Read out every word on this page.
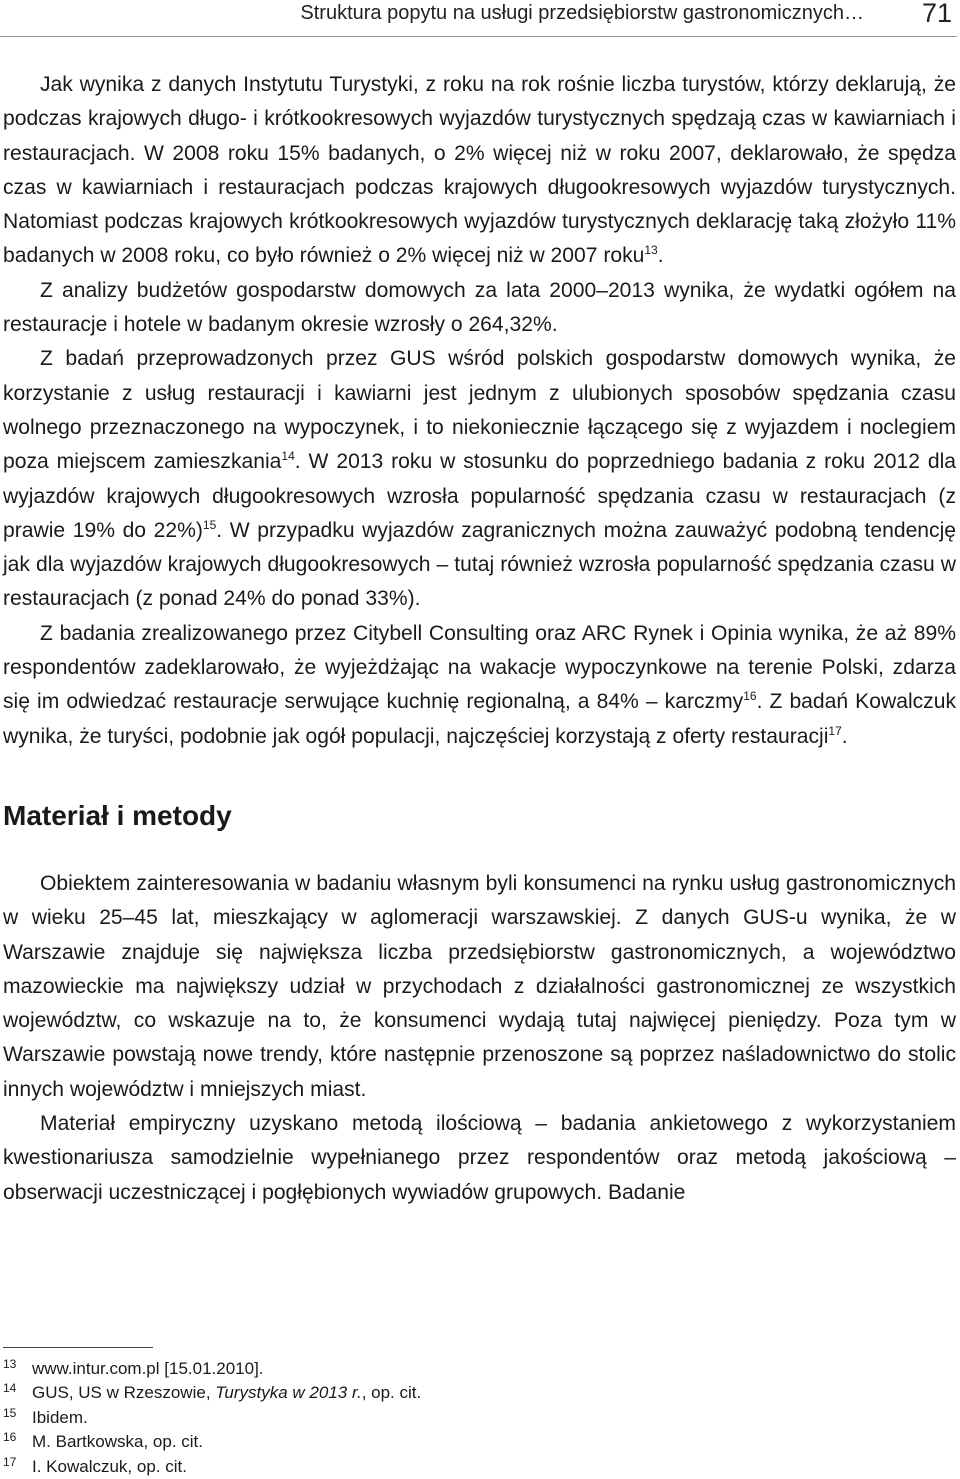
Struktura popytu na usługi przedsiębiorstw gastronomicznych… 71

Jak wynika z danych Instytutu Turystyki, z roku na rok rośnie liczba turystów, którzy deklarują, że podczas krajowych długo- i krótkookresowych wyjazdów turystycznych spędzają czas w kawiarniach i restauracjach. W 2008 roku 15% badanych, o 2% więcej niż w roku 2007, deklarowało, że spędza czas w kawiarniach i restauracjach podczas krajowych długookresowych wyjazdów turystycznych. Natomiast podczas krajowych krótkookresowych wyjazdów turystycznych deklarację taką złożyło 11% badanych w 2008 roku, co było również o 2% więcej niż w 2007 roku$^{13}$.

Z analizy budżetów gospodarstw domowych za lata 2000–2013 wynika, że wydatki ogółem na restauracje i hotele w badanym okresie wzrosły o 264,32%.

Z badań przeprowadzonych przez GUS wśród polskich gospodarstw domowych wynika, że korzystanie z usług restauracji i kawiarni jest jednym z ulubionych sposobów spędzania czasu wolnego przeznaczonego na wypoczynek, i to niekoniecznie łączącego się z wyjazdem i noclegiem poza miejscem zamieszkania$^{14}$. W 2013 roku w stosunku do poprzedniego badania z roku 2012 dla wyjazdów krajowych długookresowych wzrosła popularność spędzania czasu w restauracjach (z prawie 19% do 22%)$^{15}$. W przypadku wyjazdów zagranicznych można zauważyć podobną tendencję jak dla wyjazdów krajowych długookresowych – tutaj również wzrosła popularność spędzania czasu w restauracjach (z ponad 24% do ponad 33%).

Z badania zrealizowanego przez Citybell Consulting oraz ARC Rynek i Opinia wynika, że aż 89% respondentów zadeklarowało, że wyjeżdżając na wakacje wypoczynkowe na terenie Polski, zdarza się im odwiedzać restauracje serwujące kuchnię regionalną, a 84% – karczmy$^{16}$. Z badań Kowalczuk wynika, że turyści, podobnie jak ogół populacji, najczęściej korzystają z oferty restauracji$^{17}$.

Materiał i metody

Obiektem zainteresowania w badaniu własnym byli konsumenci na rynku usług gastronomicznych w wieku 25–45 lat, mieszkający w aglomeracji warszawskiej. Z danych GUS-u wynika, że w Warszawie znajduje się największa liczba przedsiębiorstw gastronomicznych, a województwo mazowieckie ma największy udział w przychodach z działalności gastronomicznej ze wszystkich województw, co wskazuje na to, że konsumenci wydają tutaj najwięcej pieniędzy. Poza tym w Warszawie powstają nowe trendy, które następnie przenoszone są poprzez naśladownictwo do stolic innych województw i mniejszych miast.

Materiał empiryczny uzyskano metodą ilościową – badania ankietowego z wykorzystaniem kwestionariusza samodzielnie wypełnianego przez respondentów oraz metodą jakościową – obserwacji uczestniczącej i pogłębionych wywiadów grupowych. Badanie

13 www.intur.com.pl [15.01.2010].
14 GUS, US w Rzeszowie, Turystyka w 2013 r., op. cit.
15 Ibidem.
16 M. Bartkowska, op. cit.
17 I. Kowalczuk, op. cit.
